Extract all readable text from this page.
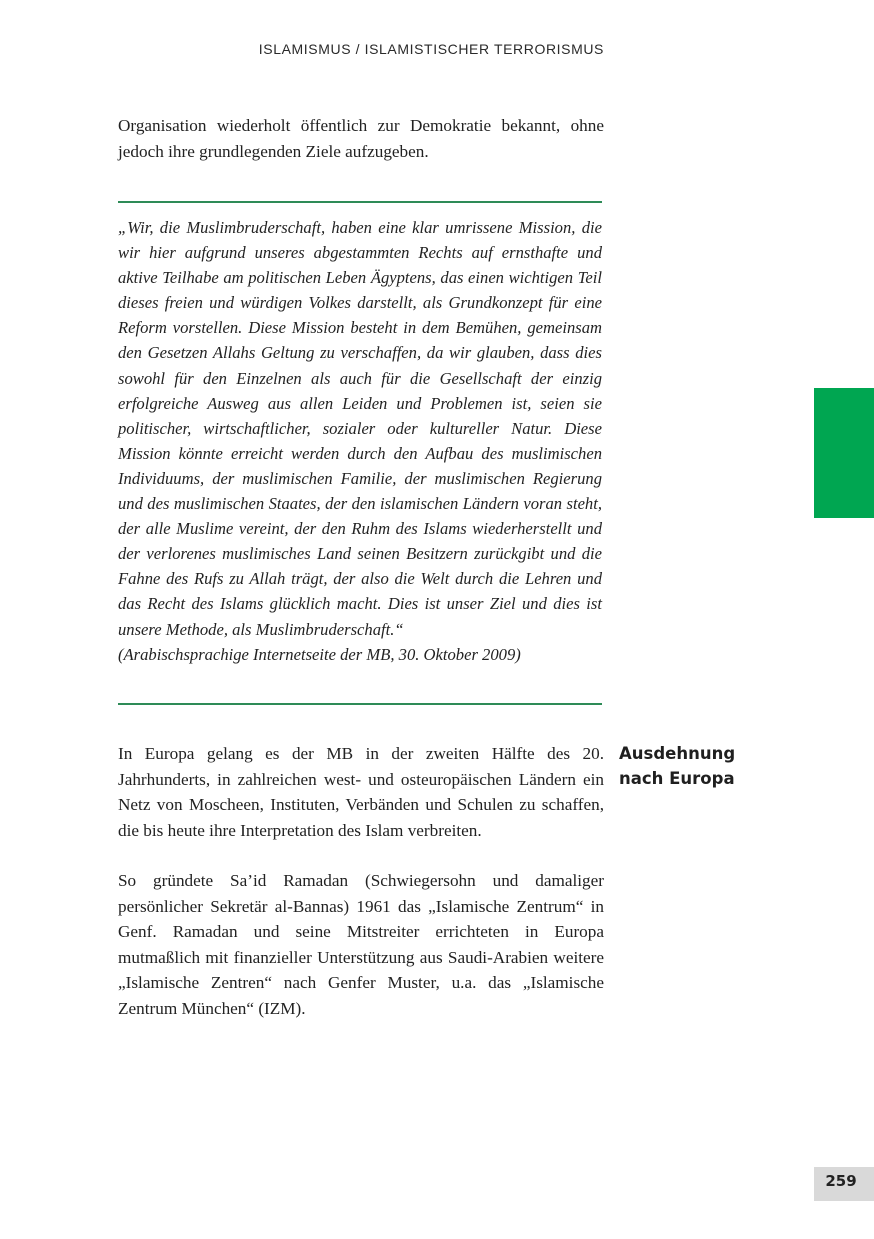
ISLAMISMUS / ISLAMISTISCHER TERRORISMUS

Organisation wiederholt öffentlich zur Demokratie bekannt, ohne jedoch ihre grundlegenden Ziele aufzugeben.

„Wir, die Muslimbruderschaft, haben eine klar umrissene Mission, die wir hier aufgrund unseres abgestammten Rechts auf ernsthafte und aktive Teilhabe am politischen Leben Ägyptens, das einen wichtigen Teil dieses freien und würdigen Volkes darstellt, als Grundkonzept für eine Reform vorstellen. Diese Mission besteht in dem Bemühen, gemeinsam den Gesetzen Allahs Geltung zu verschaffen, da wir glauben, dass dies sowohl für den Einzelnen als auch für die Gesellschaft der einzig erfolgreiche Ausweg aus allen Leiden und Problemen ist, seien sie politischer, wirtschaftlicher, sozialer oder kultureller Natur. Diese Mission könnte erreicht werden durch den Aufbau des muslimischen Individuums, der muslimischen Familie, der muslimischen Regierung und des muslimischen Staates, der den islamischen Ländern voran steht, der alle Muslime vereint, der den Ruhm des Islams wiederherstellt und der verlorenes muslimisches Land seinen Besitzern zurückgibt und die Fahne des Rufs zu Allah trägt, der also die Welt durch die Lehren und das Recht des Islams glücklich macht. Dies ist unser Ziel und dies ist unsere Methode, als Muslimbruderschaft.“
(Arabischsprachige Internetseite der MB, 30. Oktober 2009)

Ausdehnung
nach Europa

In Europa gelang es der MB in der zweiten Hälfte des 20. Jahrhunderts, in zahlreichen west- und osteuropäischen Ländern ein Netz von Moscheen, Instituten, Verbänden und Schulen zu schaffen, die bis heute ihre Interpretation des Islam verbreiten.

So gründete Sa’id Ramadan (Schwiegersohn und damaliger persönlicher Sekretär al-Bannas) 1961 das „Islamische Zentrum“ in Genf. Ramadan und seine Mitstreiter errichteten in Europa mutmaßlich mit finanzieller Unterstützung aus Saudi-Arabien weitere „Islamische Zentren“ nach Genfer Muster, u.a. das „Islamische Zentrum München“ (IZM).

259
